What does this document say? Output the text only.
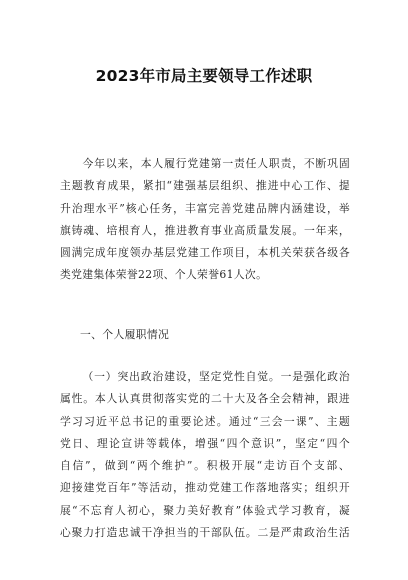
2023年市局主要领导工作述职
今年以来，本人履行党建第一责任人职责，不断巩固
主题教育成果，紧扣“建强基层组织、推进中心工作、提
升治理水平”核心任务，丰富完善党建品牌内涵建设，举
旗铸魂、培根育人，推进教育事业高质量发展。一年来，
圆满完成年度领办基层党建工作项目，本机关荣获各级各
类党建集体荣誉22项、个人荣誉61人次。
一、个人履职情况
（一）突出政治建设，坚定党性自觉。一是强化政治
属性。本人认真贯彻落实党的二十大及各全会精神，跟进
学习习近平总书记的重要论述。通过“三会一课”、主题
党日、理论宣讲等载体，增强“四个意识”，坚定“四个
自信”，做到“两个维护”。积极开展“走访百个支部、
迎接建党百年”等活动，推动党建工作落地落实；组织开
展“不忘育人初心，聚力美好教育”体验式学习教育，凝
心聚力打造忠诚干净担当的干部队伍。二是严肃政治生活
